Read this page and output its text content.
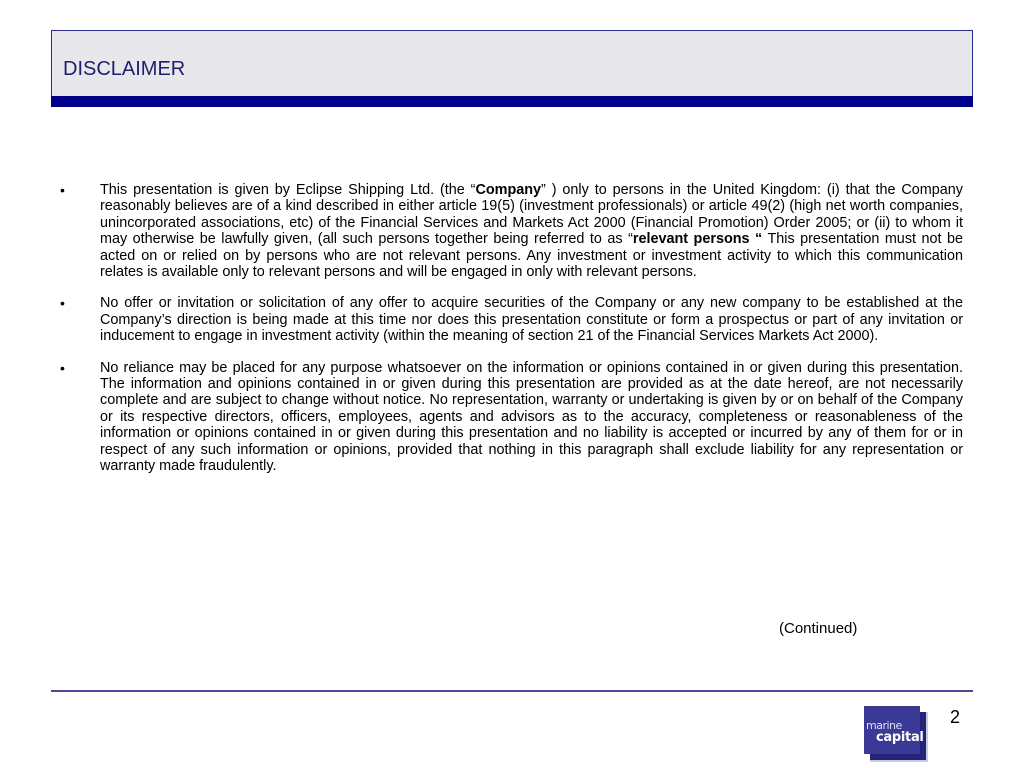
DISCLAIMER
• This presentation is given by Eclipse Shipping Ltd. (the “Company” ) only to persons in the United Kingdom: (i) that the Company reasonably believes are of a kind described in either article 19(5) (investment professionals) or article 49(2) (high net worth companies, unincorporated associations, etc) of the Financial Services and Markets Act 2000 (Financial Promotion) Order 2005; or (ii) to whom it may otherwise be lawfully given, (all such persons together being referred to as “relevant persons “ This presentation must not be acted on or relied on by persons who are not relevant persons. Any investment or investment activity to which this communication relates is available only to relevant persons and will be engaged in only with relevant persons.
• No offer or invitation or solicitation of any offer to acquire securities of the Company or any new company to be established at the Company’s direction is being made at this time nor does this presentation constitute or form a prospectus or part of any invitation or inducement to engage in investment activity (within the meaning of section 21 of the Financial Services Markets Act 2000).
• No reliance may be placed for any purpose whatsoever on the information or opinions contained in or given during this presentation. The information and opinions contained in or given during this presentation are provided as at the date hereof, are not necessarily complete and are subject to change without notice. No representation, warranty or undertaking is given by or on behalf of the Company or its respective directors, officers, employees, agents and advisors as to the accuracy, completeness or reasonableness of the information or opinions contained in or given during this presentation and no liability is accepted or incurred by any of them for or in respect of any such information or opinions, provided that nothing in this paragraph shall exclude liability for any representation or warranty made fraudulently.
(Continued)
marine
capital
2
